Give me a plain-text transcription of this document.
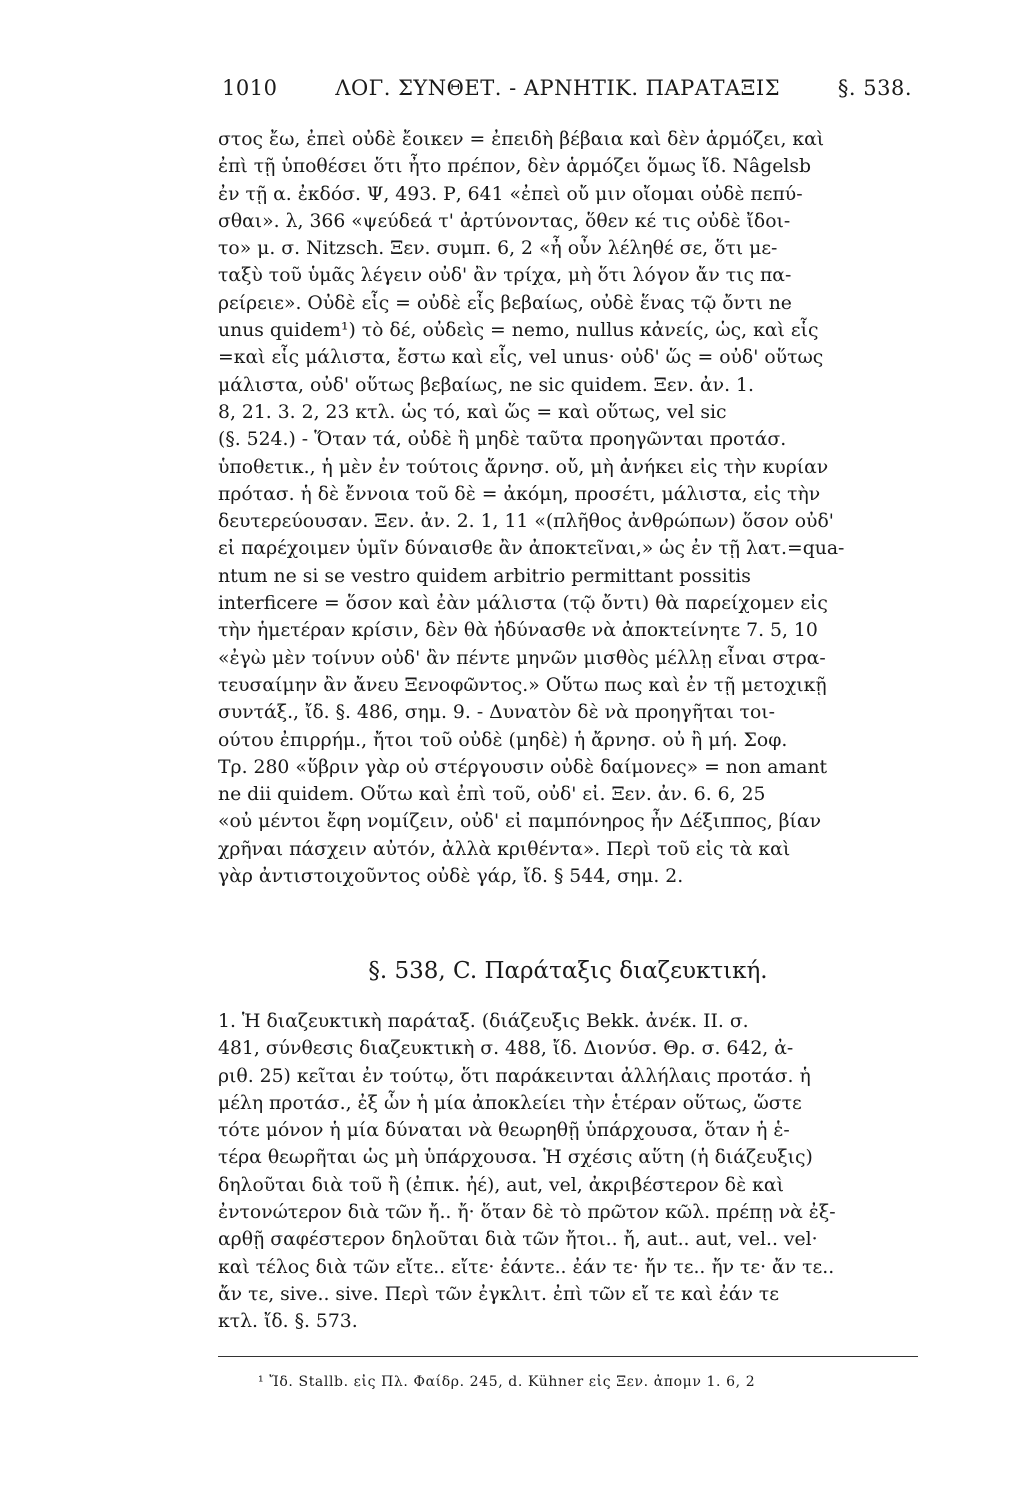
1010	ΛΟΓ. ΣΥΝΘΕΤ. - ΑΡΝΗΤΙΚ. ΠΑΡΑΤΑΞΙΣ	§. 538.
στος ἔω, ἐπεὶ οὐδὲ ἔοικεν = ἐπειδὴ βέβαια καὶ δὲν ἁρμόζει, καὶ
ἐπὶ τῇ ὑποθέσει ὅτι ἦτο πρέπον, δὲν ἁρμόζει ὅμως ἴδ. Nâgelsb
ἐν τῇ α. ἐκδόσ. Ψ, 493. Ρ, 641 «ἐπεὶ οὔ μιν οἴομαι οὐδὲ πεπύ-
σθαι». λ, 366 «ψεύδεά τ' ἀρτύνοντας, ὅθεν κέ τις οὐδὲ ἴδοι-
το» μ. σ. Nitzsch. Ξεν. συμπ. 6, 2 «ἦ οὖν λέληθέ σε, ὅτι με-
ταξὺ τοῦ ὑμᾶς λέγειν οὐδ' ἂν τρίχα, μὴ ὅτι λόγον ἄν τις πα-
ρείρειε». Οὐδὲ εἷς = οὐδὲ εἷς βεβαίως, οὐδὲ ἕνας τῷ ὄντι ne
unus quidem¹) τὸ δέ, οὐδεὶς = nemo, nullus κἀνείς, ὡς, καὶ εἷς
=καὶ εἷς μάλιστα, ἔστω καὶ εἷς, vel unus· οὐδ' ὥς = οὐδ' οὕτως
μάλιστα, οὐδ' οὕτως βεβαίως, ne sic quidem. Ξεν. ἀν. 1.
8, 21. 3. 2, 23 κτλ. ὡς τό, καὶ ὥς = καὶ οὕτως, vel sic
(§. 524.) - Ὅταν τά, οὐδὲ ἢ μηδὲ ταῦτα προηγῶνται προτάσ.
ὑποθετικ., ἡ μὲν ἐν τούτοις ἄρνησ. οὔ, μὴ ἀνήκει εἰς τὴν κυρίαν
πρότασ. ἡ δὲ ἔννοια τοῦ δὲ = ἀκόμη, προσέτι, μάλιστα, εἰς τὴν
δευτερεύουσαν. Ξεν. ἀν. 2. 1, 11 «(πλῆθος ἀνθρώπων) ὅσον οὐδ'
εἰ παρέχοιμεν ὑμῖν δύναισθε ἂν ἀποκτεῖναι,» ὡς ἐν τῇ λατ.=qua-
ntum ne si se vestro quidem arbitrio permittant possitis
interficere = ὅσον καὶ ἐὰν μάλιστα (τῷ ὄντι) θὰ παρείχομεν εἰς
τὴν ἡμετέραν κρίσιν, δὲν θὰ ἠδύνασθε νὰ ἀποκτείνητε 7. 5, 10
«ἐγὼ μὲν τοίνυν οὐδ' ἂν πέντε μηνῶν μισθὸς μέλλῃ εἶναι στρα-
τευσαίμην ἂν ἄνευ Ξενοφῶντος.» Οὕτω πως καὶ ἐν τῇ μετοχικῇ
συντάξ., ἴδ. §. 486, σημ. 9. - Δυνατὸν δὲ νὰ προηγῆται τοι-
ούτου ἐπιρρήμ., ἤτοι τοῦ οὐδὲ (μηδὲ) ἡ ἄρνησ. οὐ ἢ μή. Σοφ.
Τρ. 280 «ὕβριν γὰρ οὐ στέργουσιν οὐδὲ δαίμονες» = non amant
ne dii quidem. Οὕτω καὶ ἐπὶ τοῦ, οὐδ' εἰ. Ξεν. ἀν. 6. 6, 25
«οὐ μέντοι ἔφη νομίζειν, οὐδ' εἰ παμπόνηρος ἦν Δέξιππος, βίαν
χρῆναι πάσχειν αὐτόν, ἀλλὰ κριθέντα». Περὶ τοῦ εἰς τὰ καὶ
γὰρ ἀντιστοιχοῦντος οὐδὲ γάρ, ἴδ. § 544, σημ. 2.
§. 538, C. Παράταξις διαζευκτική.
1. Ἡ διαζευκτικὴ παράταξ. (διάζευξις Bekk. ἀνέκ. ΙΙ. σ.
481, σύνθεσις διαζευκτικὴ σ. 488, ἴδ. Διονύσ. Θρ. σ. 642, ἀ-
ριθ. 25) κεῖται ἐν τούτῳ, ὅτι παράκεινται ἀλλήλαις προτάσ. ἡ
μέλη προτάσ., ἐξ ὧν ἡ μία ἀποκλείει τὴν ἑτέραν οὕτως, ὥστε
τότε μόνον ἡ μία δύναται νὰ θεωρηθῇ ὑπάρχουσα, ὅταν ἡ ἑ-
τέρα θεωρῆται ὡς μὴ ὑπάρχουσα. Ἡ σχέσις αὕτη (ἡ διάζευξις)
δηλοῦται διὰ τοῦ ἢ (ἐπικ. ἠέ), aut, vel, ἀκριβέστερον δὲ καὶ
ἐντονώτερον διὰ τῶν ἤ.. ἤ· ὅταν δὲ τὸ πρῶτον κῶλ. πρέπῃ νὰ ἐξ-
αρθῇ σαφέστερον δηλοῦται διὰ τῶν ἤτοι.. ἤ, aut.. aut, vel.. vel·
καὶ τέλος διὰ τῶν εἴτε.. εἴτε· ἐάντε.. ἐάν τε· ἤν τε.. ἤν τε· ἄν τε..
ἄν τε, sive.. sive. Περὶ τῶν ἐγκλιτ. ἐπὶ τῶν εἴ τε καὶ ἐάν τε
κτλ. ἴδ. §. 573.
¹ Ἴδ. Stallb. εἰς Πλ. Φαίδρ. 245, d. Kühner εἰς Ξεν. ἀπομν 1. 6, 2
